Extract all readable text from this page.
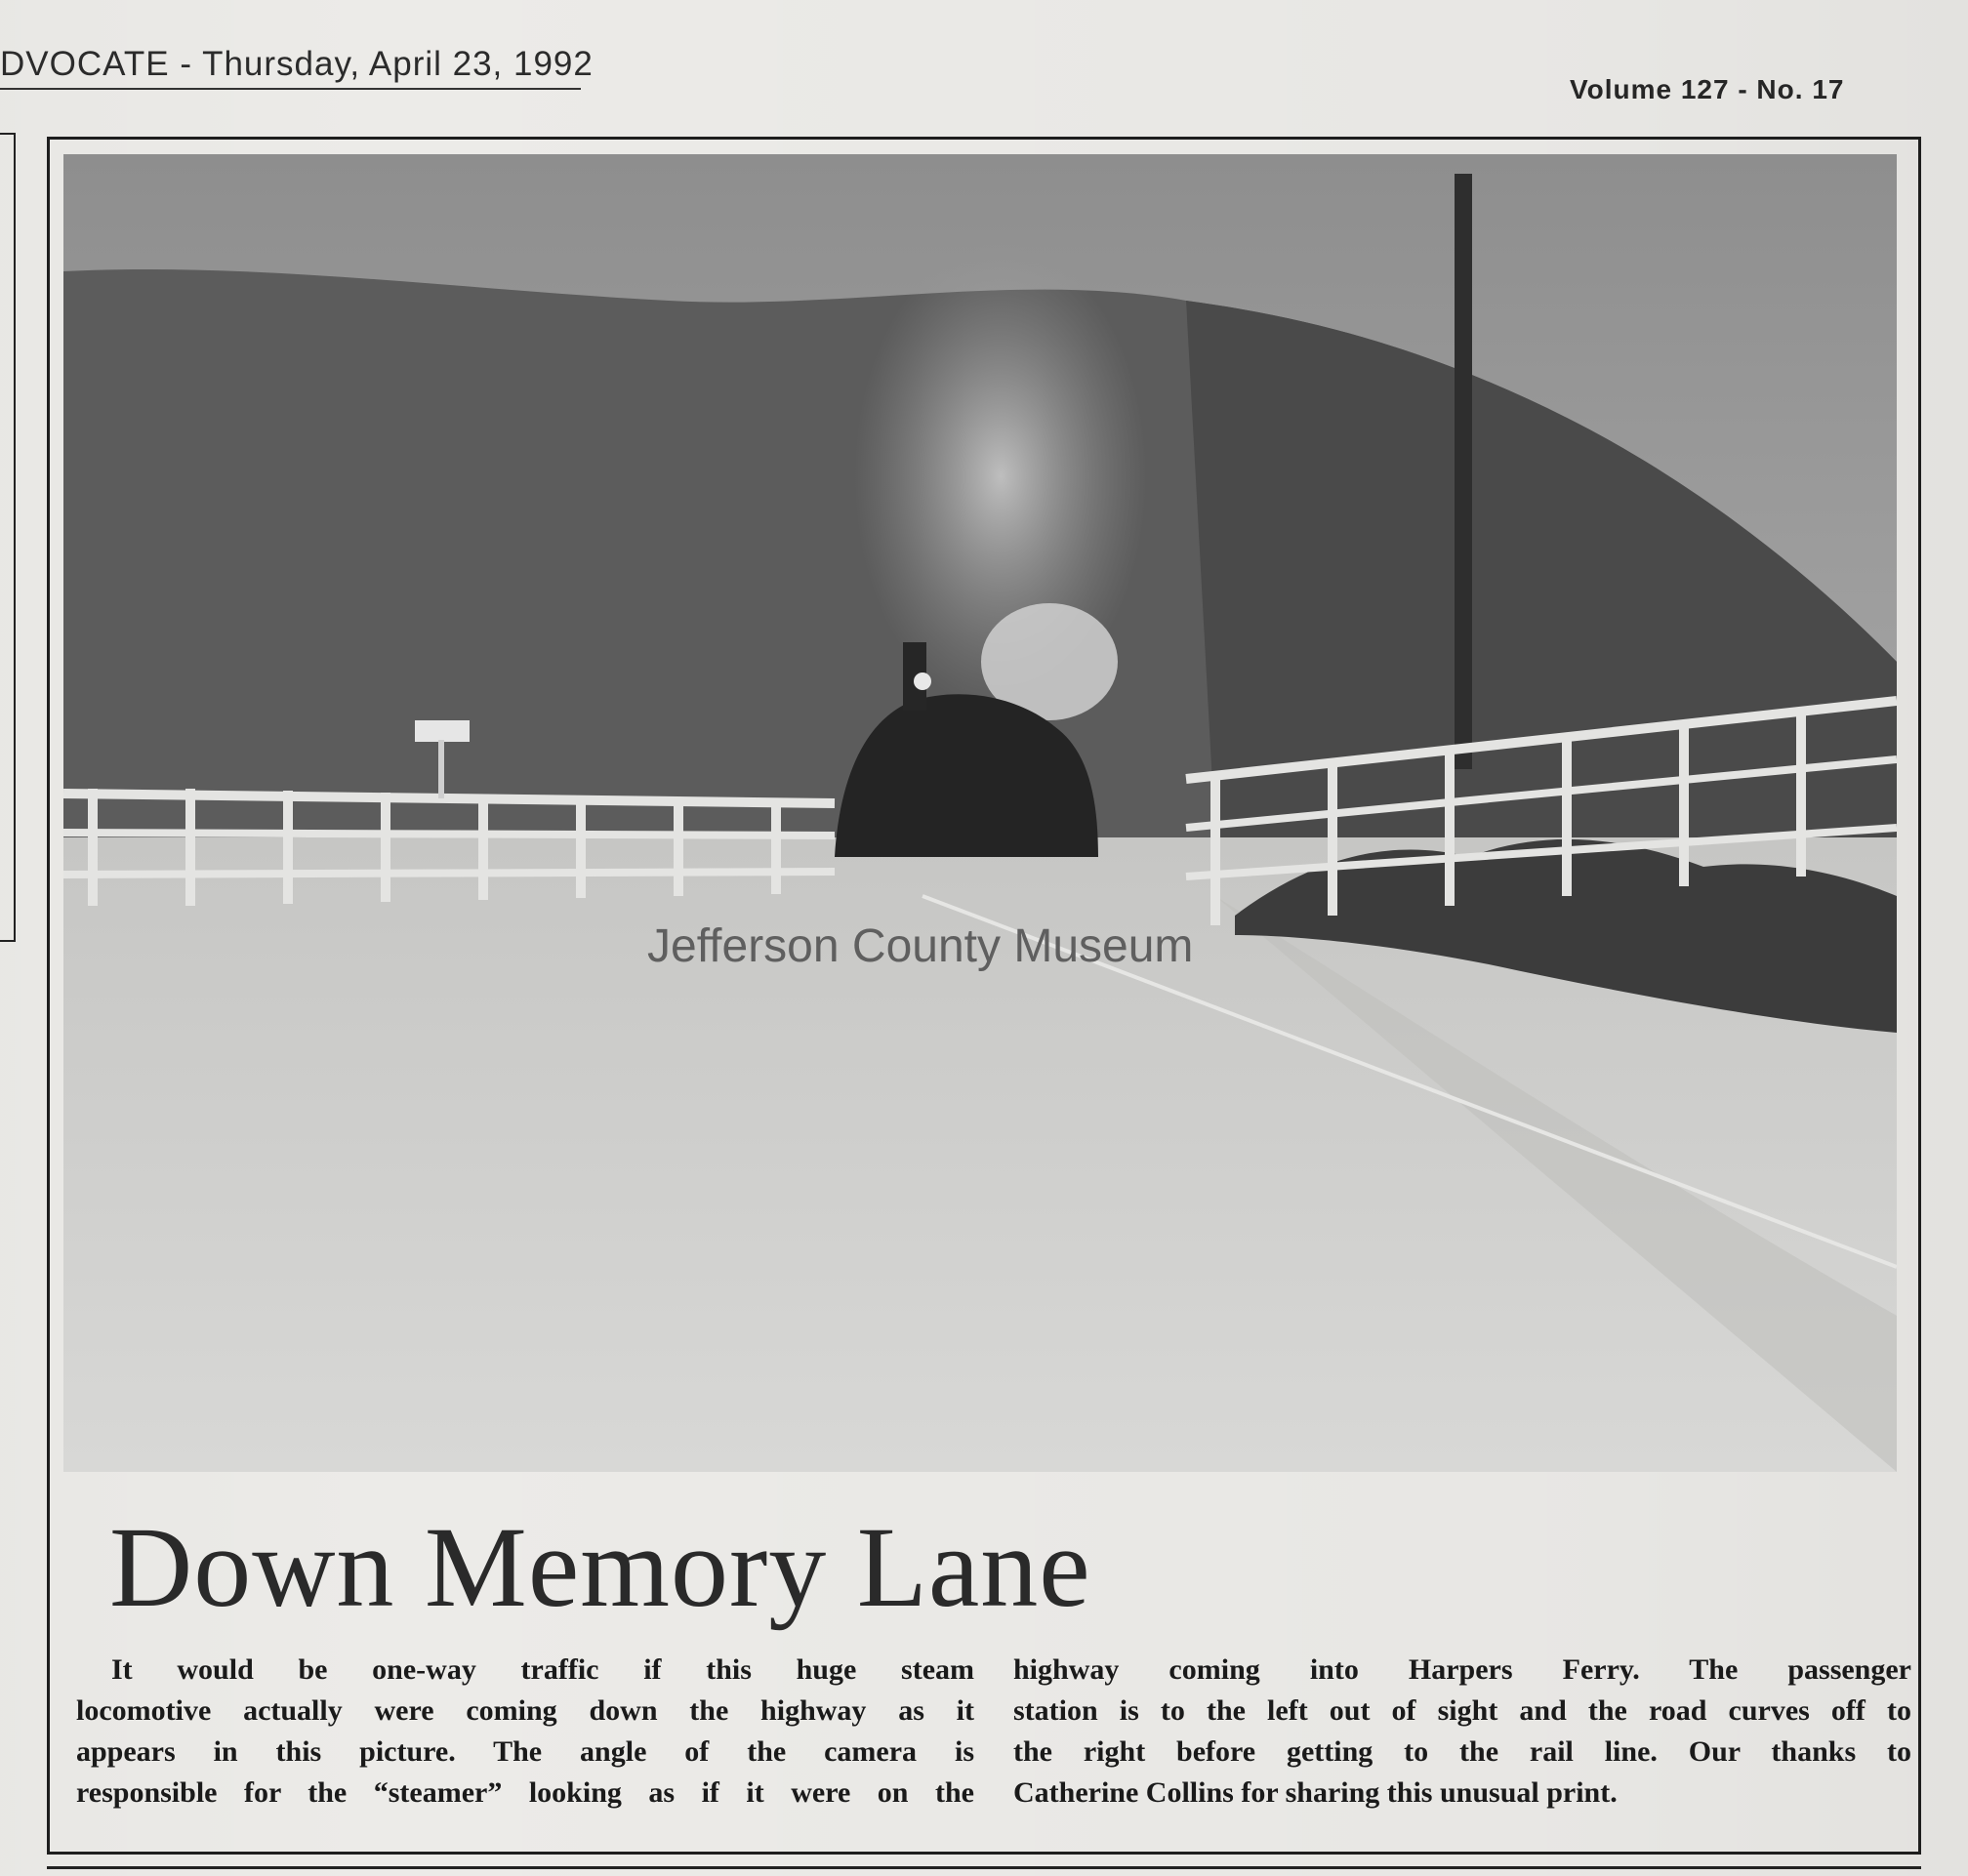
DVOCATE - Thursday, April 23, 1992
Volume 127 - No. 17
Jefferson County Museum
Down Memory Lane
It would be one-way traffic if this huge steam
locomotive actually were coming down the highway as it
appears in this picture. The angle of the camera is
responsible for the “steamer” looking as if it were on the
highway coming into Harpers Ferry. The passenger
station is to the left out of sight and the road curves off to
the right before getting to the rail line. Our thanks to
Catherine Collins for sharing this unusual print.
